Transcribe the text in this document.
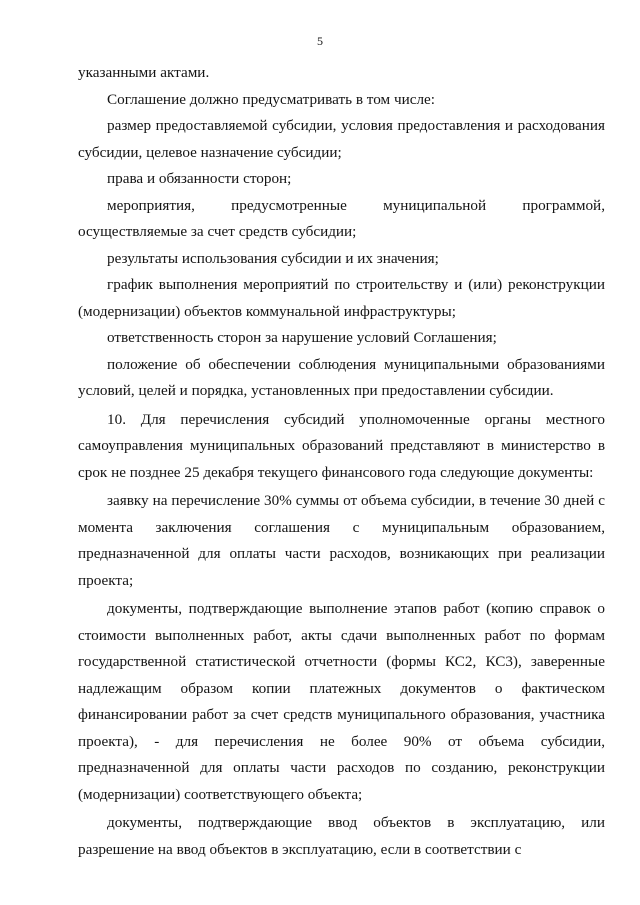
5

указанными актами.

Соглашение должно предусматривать в том числе:

размер предоставляемой субсидии, условия предоставления и расходования субсидии, целевое назначение субсидии;

права и обязанности сторон;

мероприятия, предусмотренные муниципальной программой, осуществляемые за счет средств субсидии;

результаты использования субсидии и их значения;

график выполнения мероприятий по строительству и (или) реконструкции (модернизации) объектов коммунальной инфраструктуры;

ответственность сторон за нарушение условий Соглашения;

положение об обеспечении соблюдения муниципальными образованиями условий, целей и порядка, установленных при предоставлении субсидии.

10. Для перечисления субсидий уполномоченные органы местного самоуправления муниципальных образований представляют в министерство в срок не позднее 25 декабря текущего финансового года следующие документы:

заявку на перечисление 30% суммы от объема субсидии, в течение 30 дней с момента заключения соглашения с муниципальным образованием, предназначенной для оплаты части расходов, возникающих при реализации проекта;

документы, подтверждающие выполнение этапов работ (копию справок о стоимости выполненных работ, акты сдачи выполненных работ по формам государственной статистической отчетности (формы КС2, КС3), заверенные надлежащим образом копии платежных документов о фактическом финансировании работ за счет средств муниципального образования, участника проекта), - для перечисления не более 90% от объема субсидии, предназначенной для оплаты части расходов по созданию, реконструкции (модернизации) соответствующего объекта;

документы, подтверждающие ввод объектов в эксплуатацию, или разрешение на ввод объектов в эксплуатацию, если в соответствии с
